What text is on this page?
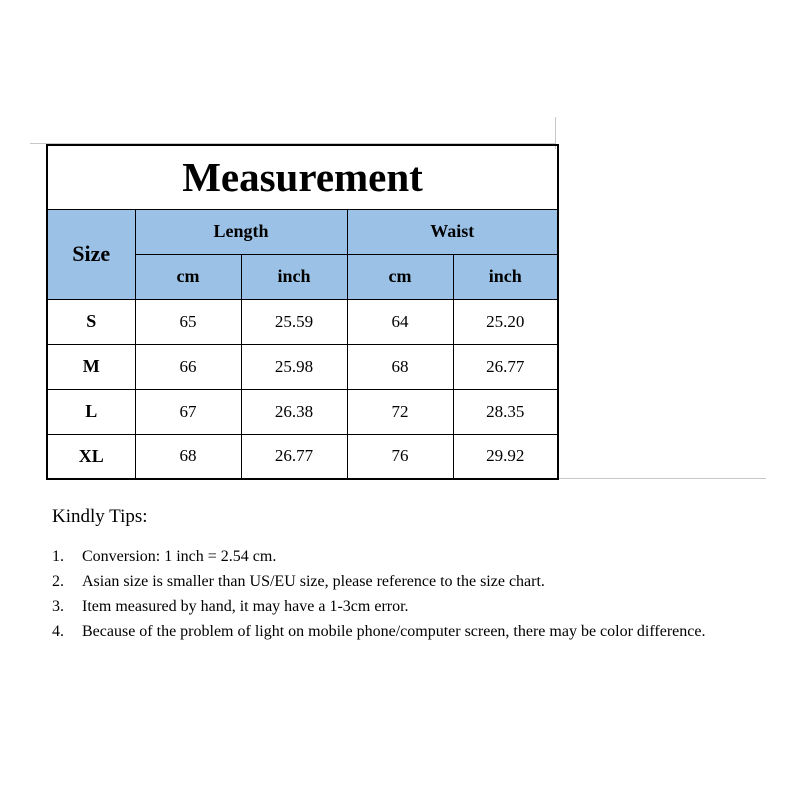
Measurement				
Size	Length		Waist	
	cm	inch	cm	inch
S	65	25.59	64	25.20
M	66	25.98	68	26.77
L	67	26.38	72	28.35
XL	68	26.77	76	29.92
Kindly Tips:
1.	Conversion: 1 inch = 2.54 cm.
2.	Asian size is smaller than US/EU size, please reference to the size chart.
3.	Item measured by hand, it may have a 1-3cm error.
4.	Because of the problem of light on mobile phone/computer screen, there may be color difference.
